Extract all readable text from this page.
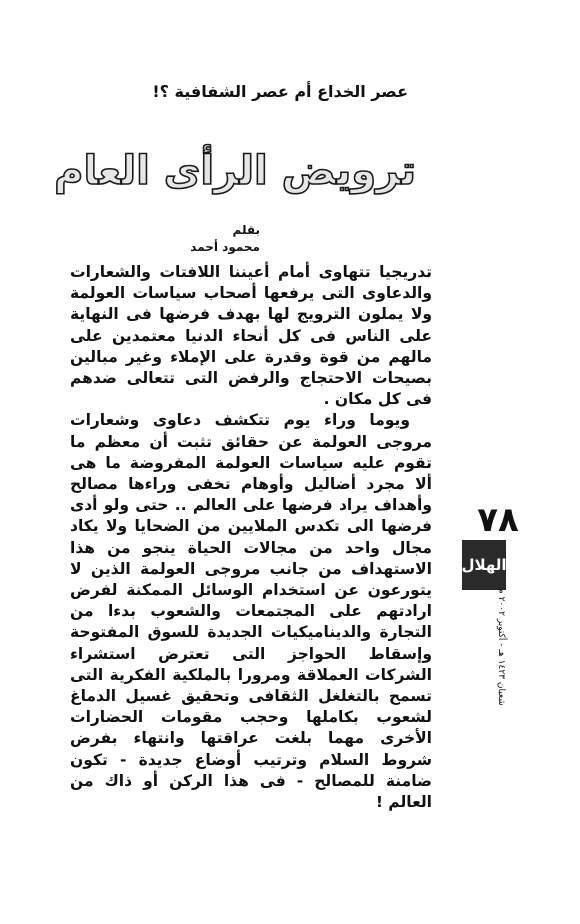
عصر الخداع أم عصر الشفافية ؟!
ترويض الرأى العام
بقلم
محمود أحمد

تدريجيا تتهاوى أمام أعيننا اللافتات والشعارات والدعاوى التى يرفعها أصحاب سياسات العولمة ولا يملون الترويج لها بهدف فرضها فى النهاية على الناس فى كل أنحاء الدنيا معتمدين على مالهم من قوة وقدرة على الإملاء وغير مبالين بصيحات الاحتجاج والرفض التى تتعالى ضدهم فى كل مكان .

ويوما وراء يوم تتكشف دعاوى وشعارات مروجى العولمة عن حقائق تثبت أن معظم ما تقوم عليه سياسات العولمة المفروضة ما هى ألا مجرد أضاليل وأوهام تخفى وراءها مصالح وأهداف يراد فرضها على العالم .. حتى ولو أدى فرضها الى تكدس الملايين من الضحايا ولا يكاد مجال واحد من مجالات الحياة ينجو من هذا الاستهداف من جانب مروجى العولمة الذين لا يتورعون عن استخدام الوسائل الممكنة لفرض ارادتهم على المجتمعات والشعوب بدءا من التجارة والديناميكيات الجديدة للسوق المفتوحة وإسقاط الحواجز التى تعترض استشراء الشركات العملاقة ومرورا بالملكية الفكرية التى تسمح بالتغلغل الثقافى وتحقيق غسيل الدماغ لشعوب بكاملها وحجب مقومات الحضارات الأخرى مهما بلغت عراقتها وانتهاء بفرض شروط السلام وترتيب أوضاع جديدة - تكون ضامنة للمصالح - فى هذا الركن أو ذاك من العالم !

٧٨
الهلال
شعبان ١٤٢٣ هـ - أكتوبر ٢٠٠٢ م
